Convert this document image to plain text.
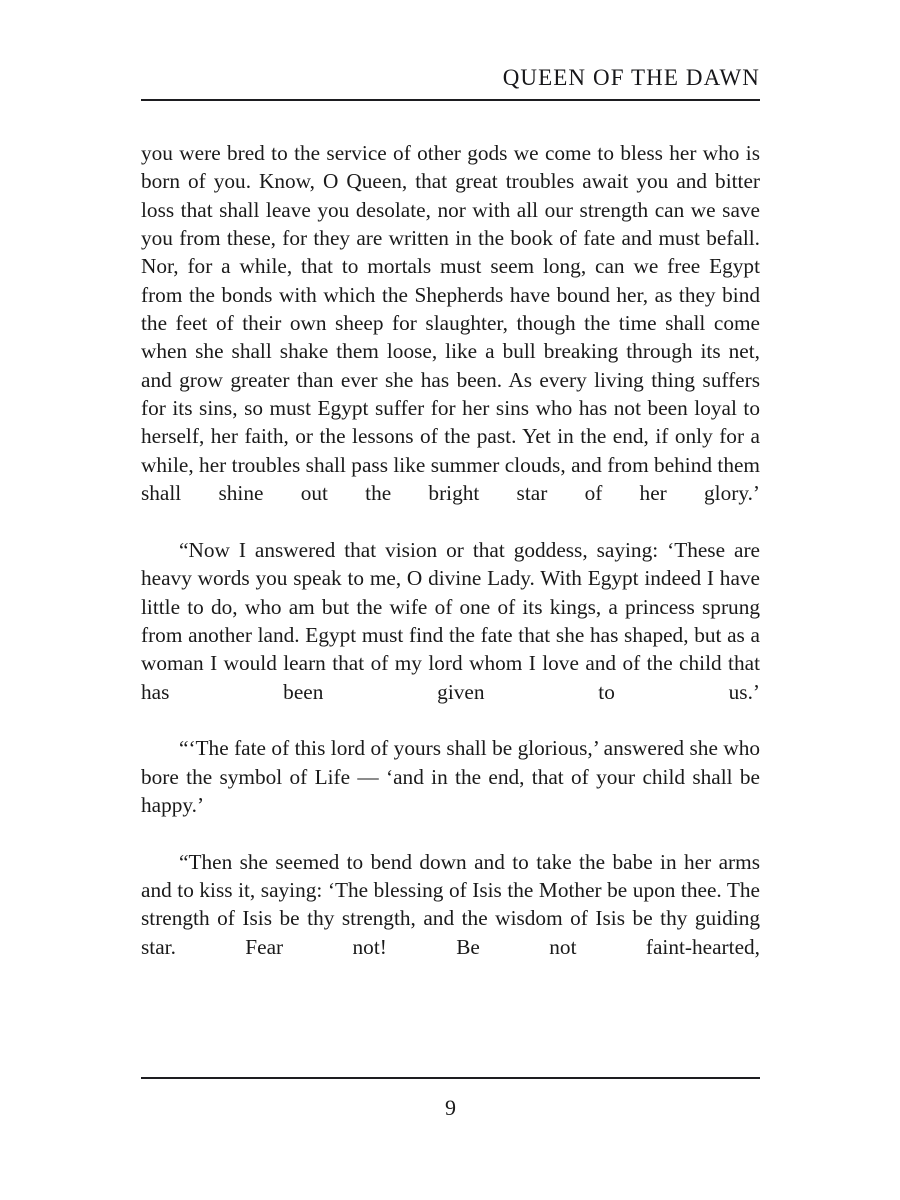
QUEEN OF THE DAWN

you were bred to the service of other gods we come to bless her who is born of you. Know, O Queen, that great troubles await you and bitter loss that shall leave you desolate, nor with all our strength can we save you from these, for they are written in the book of fate and must befall. Nor, for a while, that to mortals must seem long, can we free Egypt from the bonds with which the Shepherds have bound her, as they bind the feet of their own sheep for slaughter, though the time shall come when she shall shake them loose, like a bull breaking through its net, and grow greater than ever she has been. As every living thing suffers for its sins, so must Egypt suffer for her sins who has not been loyal to herself, her faith, or the lessons of the past. Yet in the end, if only for a while, her troubles shall pass like summer clouds, and from behind them shall shine out the bright star of her glory.’

“Now I answered that vision or that goddess, saying: ‘These are heavy words you speak to me, O divine Lady. With Egypt indeed I have little to do, who am but the wife of one of its kings, a princess sprung from another land. Egypt must find the fate that she has shaped, but as a woman I would learn that of my lord whom I love and of the child that has been given to us.’

“‘The fate of this lord of yours shall be glorious,’ answered she who bore the symbol of Life — ‘and in the end, that of your child shall be happy.’

“Then she seemed to bend down and to take the babe in her arms and to kiss it, saying: ‘The blessing of Isis the Mother be upon thee. The strength of Isis be thy strength, and the wisdom of Isis be thy guiding star. Fear not! Be not faint-hearted,

9
